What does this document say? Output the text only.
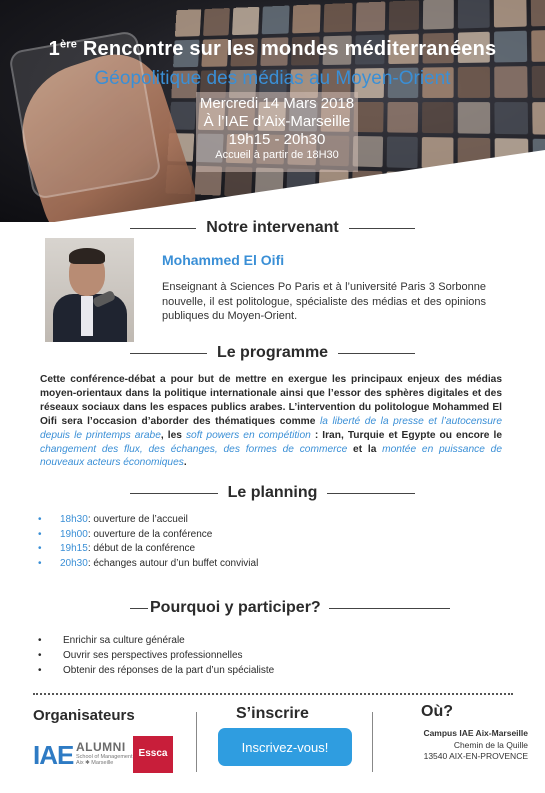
1ère Rencontre sur les mondes méditerranéens
Géopolitique des médias au Moyen-Orient
Mercredi 14 Mars 2018
À l’IAE d’Aix-Marseille
19h15 - 20h30
Accueil à partir de 18H30
Notre intervenant
Mohammed El Oifi
Enseignant à Sciences Po Paris et à l’université Paris 3 Sorbonne nouvelle, il est politologue, spécialiste des médias et des opinions publiques du Moyen-Orient.
Le programme
Cette conférence-débat a pour but de mettre en exergue les principaux enjeux des médias moyen-orientaux dans la politique internationale ainsi que l’essor des sphères digitales et des réseaux sociaux dans les espaces publics arabes. L’intervention du politologue Mohammed El Oifi sera l’occasion d’aborder des thématiques comme la liberté de la presse et l’autocensure depuis le printemps arabe, les soft powers en compétition : Iran, Turquie et Egypte ou encore le changement des flux, des échanges, des formes de commerce et la montée en puissance de nouveaux acteurs économiques.
Le planning
• 18h30: ouverture de l’accueil
• 19h00: ouverture de la conférence
• 19h15: début de la conférence
• 20h30: échanges autour d’un buffet convivial
Pourquoi y participer?
• Enrichir sa culture générale
• Ouvrir ses perspectives professionnelles
• Obtenir des réponses de la part d’un spécialiste
Organisateurs
IAE ALUMNI
School of Management
Aix ✱ Marseille
Essca
S’inscrire
Inscrivez-vous!
Où?
Campus IAE Aix-Marseille
Chemin de la Quille
13540 AIX-EN-PROVENCE
